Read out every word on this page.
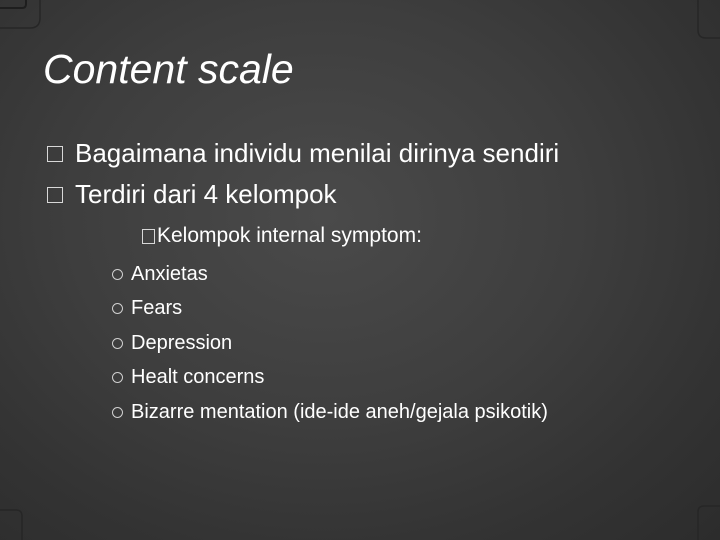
Content scale
Bagaimana individu menilai dirinya sendiri
Terdiri dari 4 kelompok
Kelompok internal symptom:
Anxietas
Fears
Depression
Healt concerns
Bizarre mentation (ide-ide aneh/gejala psikotik)
